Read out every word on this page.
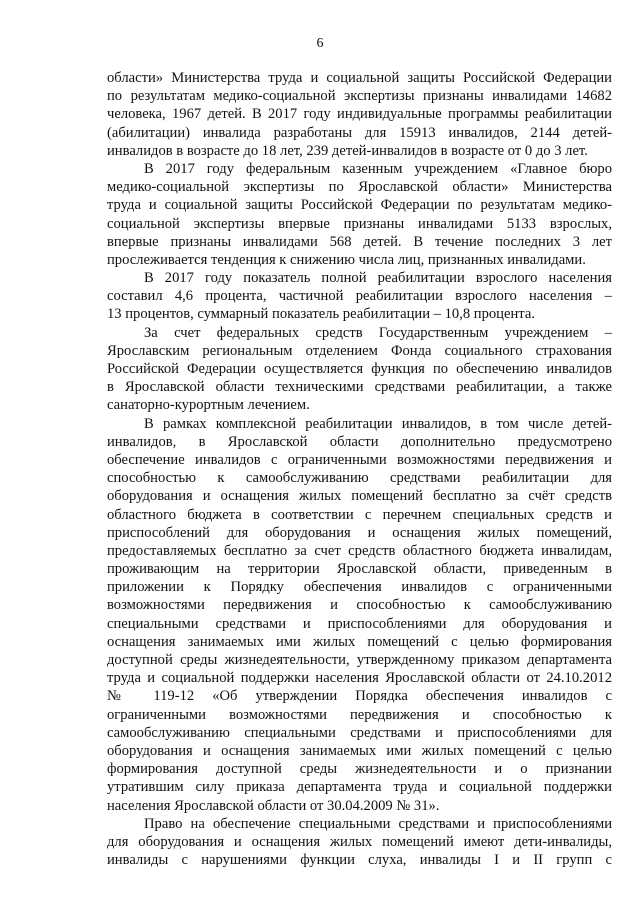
6
области» Министерства труда и социальной защиты Российской Федерации
по результатам медико-социальной экспертизы признаны инвалидами 14682
человека, 1967 детей. В 2017 году индивидуальные программы реабилитации
(абилитации) инвалида разработаны для 15913 инвалидов, 2144 детей-
инвалидов в возрасте до 18 лет, 239 детей-инвалидов в возрасте от 0 до 3 лет.
В 2017 году федеральным казенным учреждением «Главное бюро
медико-социальной экспертизы по Ярославской области» Министерства
труда и социальной защиты Российской Федерации по результатам медико-
социальной экспертизы впервые признаны инвалидами 5133 взрослых,
впервые признаны инвалидами 568 детей. В течение последних 3 лет
прослеживается тенденция к снижению числа лиц, признанных инвалидами.
В 2017 году показатель полной реабилитации взрослого населения
составил 4,6 процента, частичной реабилитации взрослого населения –
13 процентов, суммарный показатель реабилитации – 10,8 процента.
За счет федеральных средств Государственным учреждением –
Ярославским региональным отделением Фонда социального страхования
Российской Федерации осуществляется функция по обеспечению инвалидов
в Ярославской области техническими средствами реабилитации, а также
санаторно-курортным лечением.
В рамках комплексной реабилитации инвалидов, в том числе детей-
инвалидов, в Ярославской области дополнительно предусмотрено
обеспечение инвалидов с ограниченными возможностями передвижения и
способностью к самообслуживанию средствами реабилитации для
оборудования и оснащения жилых помещений бесплатно за счёт средств
областного бюджета в соответствии с перечнем специальных средств и
приспособлений для оборудования и оснащения жилых помещений,
предоставляемых бесплатно за счет средств областного бюджета инвалидам,
проживающим на территории Ярославской области, приведенным в
приложении к Порядку обеспечения инвалидов с ограниченными
возможностями передвижения и способностью к самообслуживанию
специальными средствами и приспособлениями для оборудования и
оснащения занимаемых ими жилых помещений с целью формирования
доступной среды жизнедеятельности, утвержденному приказом департамента
труда и социальной поддержки населения Ярославской области от 24.10.2012
№ 119-12 «Об утверждении Порядка обеспечения инвалидов с
ограниченными возможностями передвижения и способностью к
самообслуживанию специальными средствами и приспособлениями для
оборудования и оснащения занимаемых ими жилых помещений с целью
формирования доступной среды жизнедеятельности и о признании
утратившим силу приказа департамента труда и социальной поддержки
населения Ярославской области от 30.04.2009 № 31».
Право на обеспечение специальными средствами и приспособлениями
для оборудования и оснащения жилых помещений имеют дети-инвалиды,
инвалиды с нарушениями функции слуха, инвалиды I и II групп с
